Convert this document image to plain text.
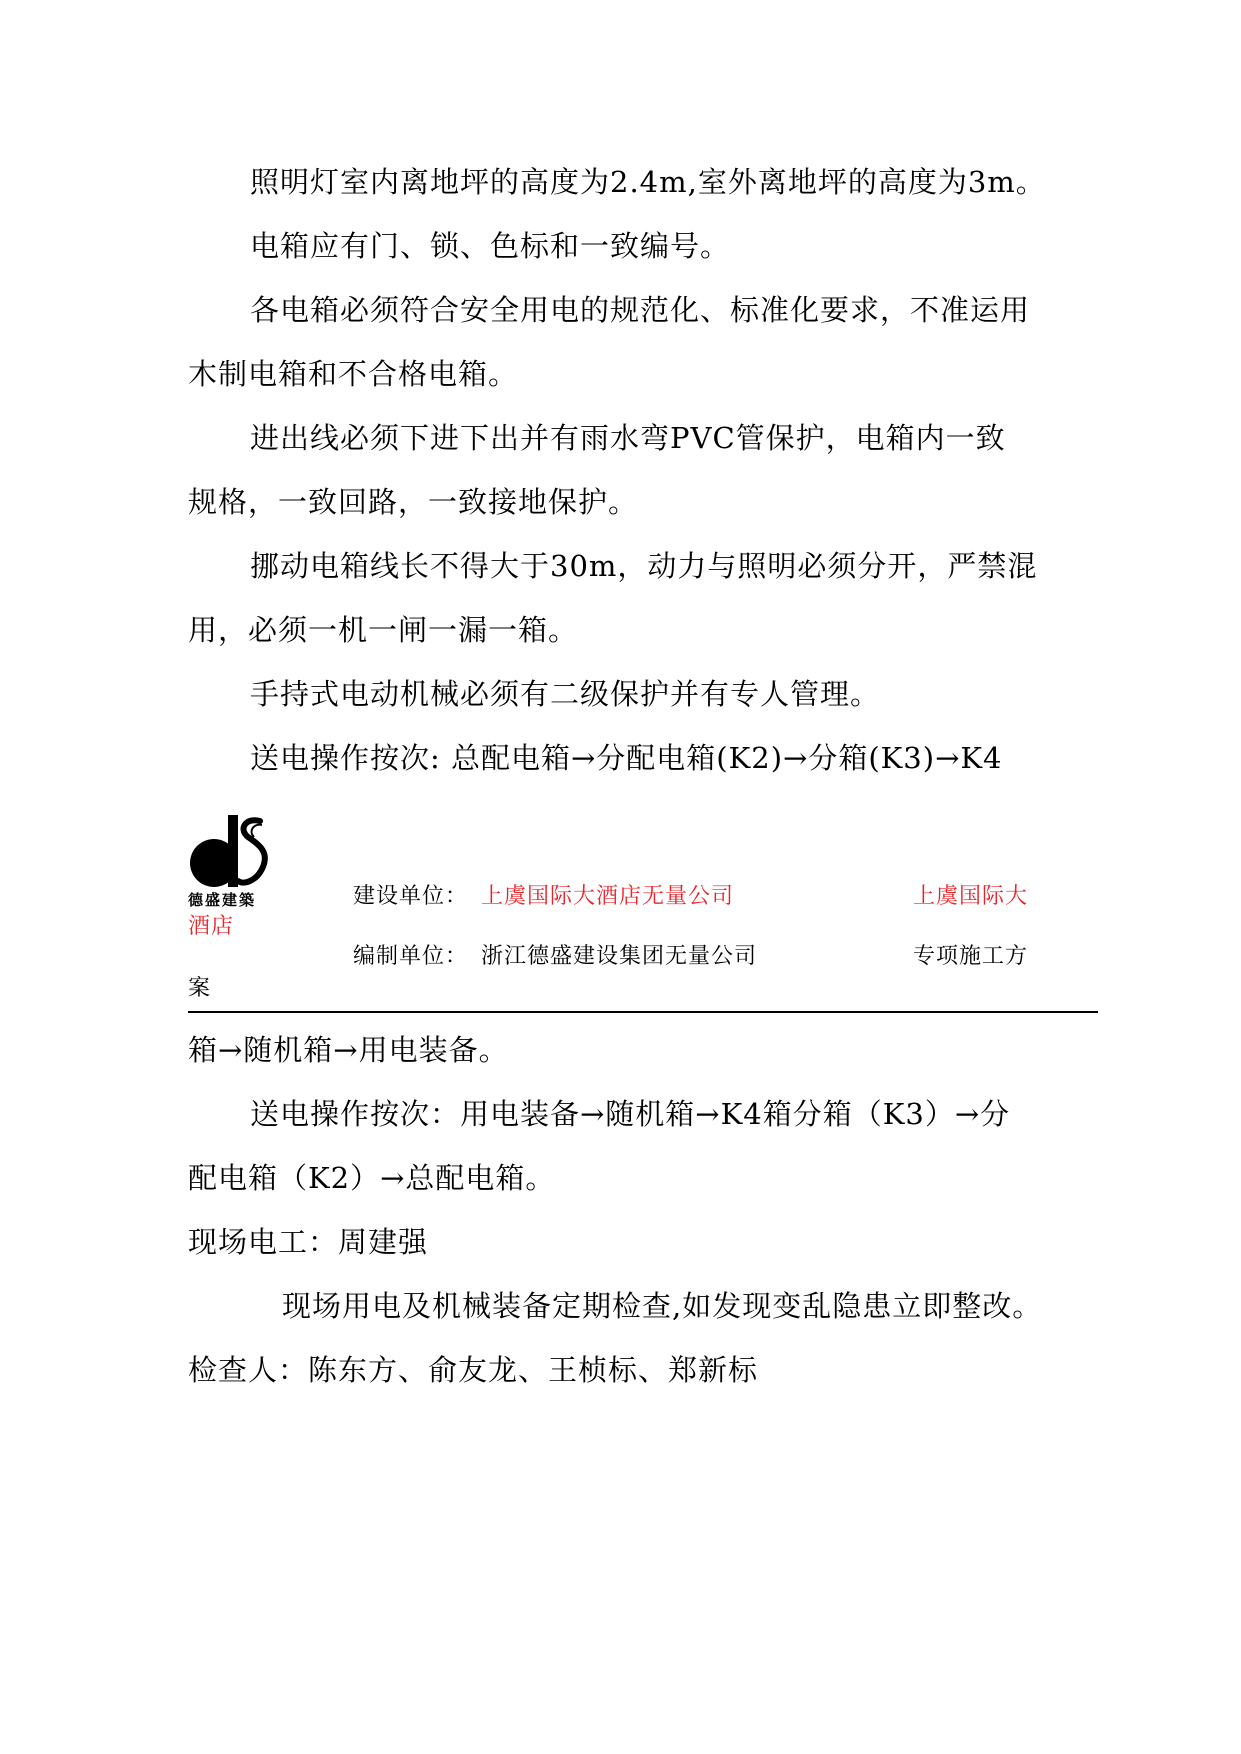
照明灯室内离地坪的高度为2.4m,室外离地坪的高度为3m。

电箱应有门、锁、色标和一致编号。

各电箱必须符合安全用电的规范化、标准化要求，不准运用

木制电箱和不合格电箱。

进出线必须下进下出并有雨水弯PVC管保护，电箱内一致

规格，一致回路，一致接地保护。

挪动电箱线长不得大于30m，动力与照明必须分开，严禁混

用，必须一机一闸一漏一箱。

手持式电动机械必须有二级保护并有专人管理。

送电操作按次: 总配电箱→分配电箱(K2)→分箱(K3)→K4

德盛建築	建设单位： 上虞国际大酒店无量公司	上虞国际大
酒店
编制单位： 浙江德盛建设集团无量公司	专项施工方
案

箱→随机箱→用电装备。

送电操作按次：用电装备→随机箱→K4箱分箱（K3）→分

配电箱（K2）→总配电箱。

现场电工：周建强

现场用电及机械装备定期检查,如发现变乱隐患立即整改。

检查人：陈东方、俞友龙、王桢标、郑新标
